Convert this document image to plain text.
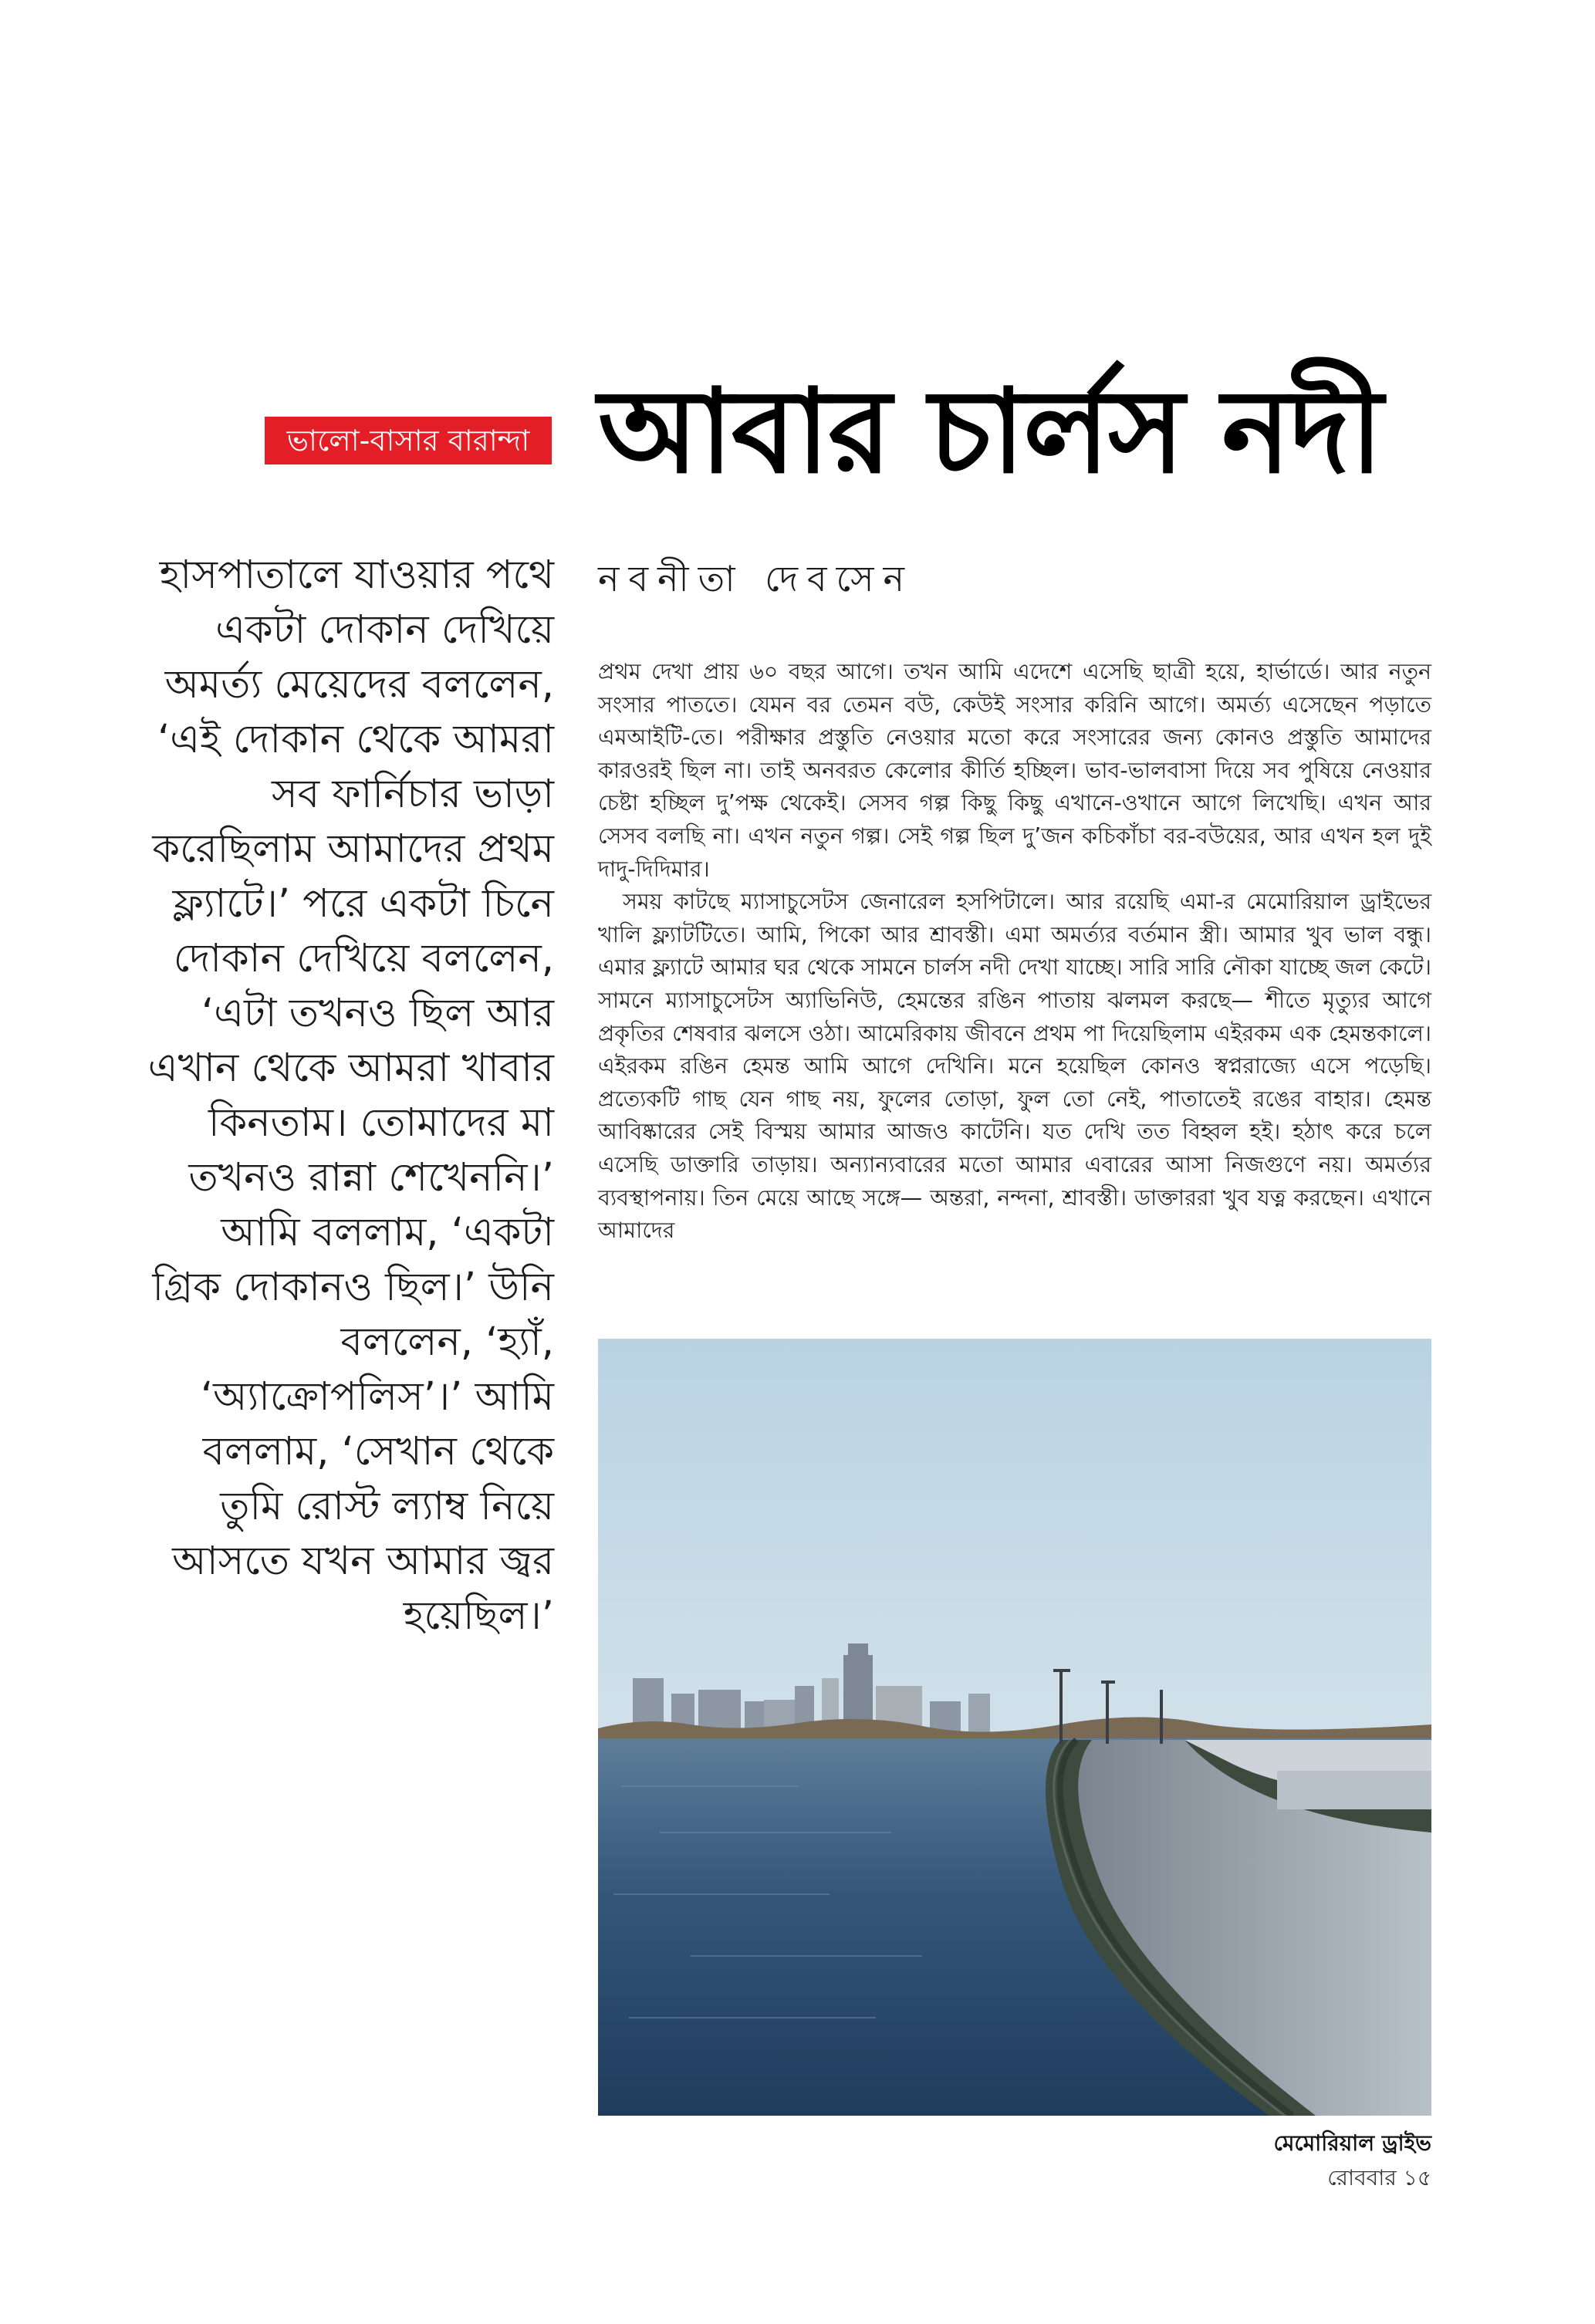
ভালো-বাসার বারান্দা আবার চার্লস নদী

হাসপাতালে যাওয়ার পথে একটা দোকান দেখিয়ে অমর্ত্য মেয়েদের বললেন, ‘এই দোকান থেকে আমরা সব ফার্নিচার ভাড়া করেছিলাম আমাদের প্রথম ফ্ল্যাটে।’ পরে একটা চিনে দোকান দেখিয়ে বললেন, ‘এটা তখনও ছিল আর এখান থেকে আমরা খাবার কিনতাম। তোমাদের মা তখনও রান্না শেখেননি।’ আমি বললাম, ‘একটা গ্রিক দোকানও ছিল।’ উনি বললেন, ‘হ্যাঁ, ‘অ্যাক্রোপলিস’।’ আমি বললাম, ‘সেখান থেকে তুমি রোস্ট ল্যাম্ব নিয়ে আসতে যখন আমার জ্বর হয়েছিল।’

নবনীতা দেবসেন

প্রথম দেখা প্রায় ৬০ বছর আগে। তখন আমি এদেশে এসেছি ছাত্রী হয়ে, হার্ভার্ডে। আর নতুন সংসার পাততে। যেমন বর তেমন বউ, কেউই সংসার করিনি আগে। অমর্ত্য এসেছেন পড়াতে এমআইটি-তে। পরীক্ষার প্রস্তুতি নেওয়ার মতো করে সংসারের জন্য কোনও প্রস্তুতি আমাদের কারওরই ছিল না। তাই অনবরত কেলোর কীর্তি হচ্ছিল। ভাব-ভালবাসা দিয়ে সব পুষিয়ে নেওয়ার চেষ্টা হচ্ছিল দু’পক্ষ থেকেই। সেসব গল্প কিছু কিছু এখানে-ওখানে আগে লিখেছি। এখন আর সেসব বলছি না। এখন নতুন গল্প। সেই গল্প ছিল দু’জন কচিকাঁচা বর-বউয়ের, আর এখন হল দুই দাদু-দিদিমার।

সময় কাটছে ম্যাসাচুসেটস জেনারেল হসপিটালে। আর রয়েছি এমা-র মেমোরিয়াল ড্রাইভের খালি ফ্ল্যাটটিতে। আমি, পিকো আর শ্রাবস্তী। এমা অমর্ত্যর বর্তমান স্ত্রী। আমার খুব ভাল বন্ধু। এমার ফ্ল্যাটে আমার ঘর থেকে সামনে চার্লস নদী দেখা যাচ্ছে। সারি সারি নৌকা যাচ্ছে জল কেটে। সামনে ম্যাসাচুসেটস অ্যাভিনিউ, হেমন্তের রঙিন পাতায় ঝলমল করছে— শীতে মৃত্যুর আগে প্রকৃতির শেষবার ঝলসে ওঠা। আমেরিকায় জীবনে প্রথম পা দিয়েছিলাম এইরকম এক হেমন্তকালে। এইরকম রঙিন হেমন্ত আমি আগে দেখিনি। মনে হয়েছিল কোনও স্বপ্নরাজ্যে এসে পড়েছি। প্রত্যেকটি গাছ যেন গাছ নয়, ফুলের তোড়া, ফুল তো নেই, পাতাতেই রঙের বাহার। হেমন্ত আবিষ্কারের সেই বিস্ময় আমার আজও কাটেনি। যত দেখি তত বিহ্বল হই। হঠাৎ করে চলে এসেছি ডাক্তারি তাড়ায়। অন্যান্যবারের মতো আমার এবারের আসা নিজগুণে নয়। অমর্ত্যর ব্যবস্থাপনায়। তিন মেয়ে আছে সঙ্গে— অন্তরা, নন্দনা, শ্রাবস্তী। ডাক্তাররা খুব যত্ন করছেন। এখানে আমাদের

মেমোরিয়াল ড্রাইভ
রোববার ১৫
